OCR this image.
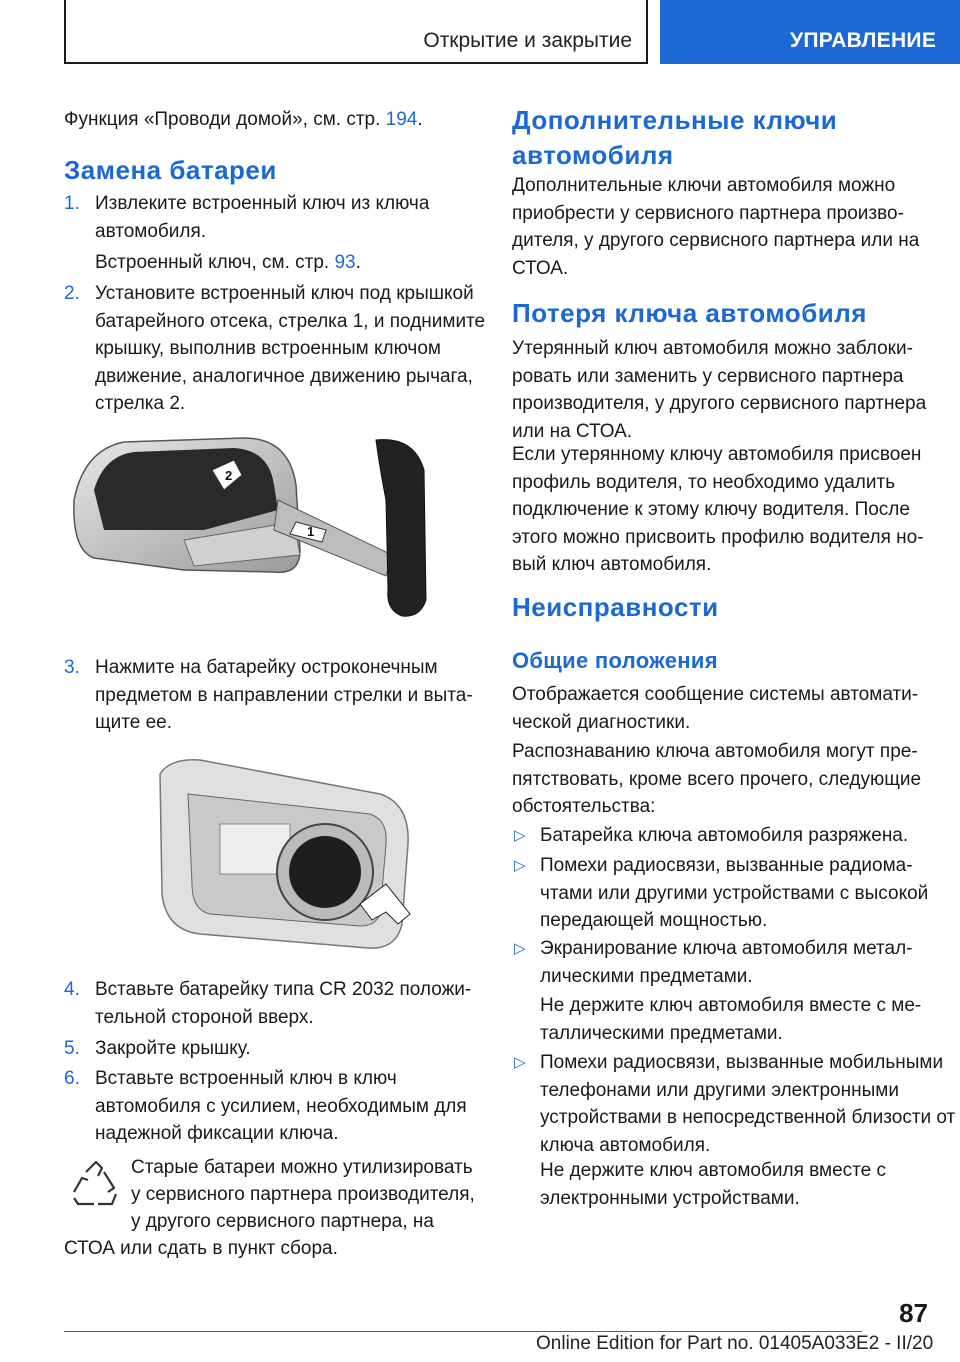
Открытие и закрытие	УПРАВЛЕНИЕ

Функция «Проводи домой», см. стр. 194.

Замена батареи

1. Извлеките встроенный ключ из ключа автомобиля.

Встроенный ключ, см. стр. 93.

2. Установите встроенный ключ под крышкой батарейного отсека, стрелка 1, и поднимите крышку, выполнив встроенным ключом движение, аналогичное движению рычага, стрелка 2.

2
1

3. Нажмите на батарейку остроконечным предметом в направлении стрелки и вытащите ее.

4. Вставьте батарейку типа CR 2032 положительной стороной вверх.

5. Закройте крышку.

6. Вставьте встроенный ключ в ключ автомобиля с усилием, необходимым для надежной фиксации ключа.

Старые батареи можно утилизировать

у сервисного партнера производителя,

у другого сервисного партнера, на

СТОА или сдать в пункт сбора.

Дополнительные ключи автомобиля

Дополнительные ключи автомобиля можно приобрести у сервисного партнера производителя, у другого сервисного партнера или на СТОА.

Потеря ключа автомобиля

Утерянный ключ автомобиля можно заблокировать или заменить у сервисного партнера производителя, у другого сервисного партнера или на СТОА.

Если утерянному ключу автомобиля присвоен профиль водителя, то необходимо удалить подключение к этому ключу водителя. После этого можно присвоить профилю водителя новый ключ автомобиля.

Неисправности
Общие положения

Отображается сообщение системы автоматической диагностики.

Распознаванию ключа автомобиля могут препятствовать, кроме всего прочего, следующие обстоятельства:

▷ Батарейка ключа автомобиля разряжена.

▷ Помехи радиосвязи, вызванные радиомачтами или другими устройствами с высокой передающей мощностью.

▷ Экранирование ключа автомобиля металлическими предметами.

Не держите ключ автомобиля вместе с металлическими предметами.

▷ Помехи радиосвязи, вызванные мобильными телефонами или другими электронными устройствами в непосредственной близости от ключа автомобиля.

Не держите ключ автомобиля вместе с электронными устройствами.

87
Online Edition for Part no. 01405A033E2 - II/20
